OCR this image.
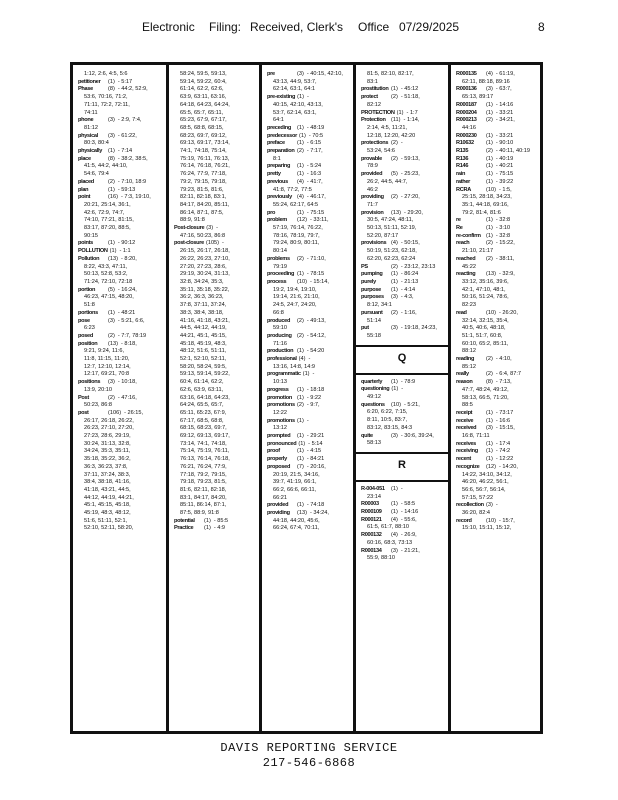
Electronic Filing: Received, Clerk's Office 07/29/2025	8
1:12, 2:6, 4:5, 5:6
petitioner (1) - 5:17
Phase	(8) - 44:2, 52:9,
53:6, 70:16, 71:2,
71:11, 72:2, 72:11,
74:11
phone	(3) - 2:9, 7:4,
81:12
physical (3) - 61:22,
80:3, 80:4
physically (1) - 7:14
place	(8) - 38:2, 38:5,
41:5, 44:2, 44:10,
54:6, 79:4
placed	(2) - 7:10, 18:9
plan	(1) - 59:13
point	(16) - 7:3, 19:10,
20:21, 25:14, 36:1,
42:6, 72:9, 74:7,
74:10, 77:21, 81:15,
83:17, 87:20, 88:5,
90:15
points	(1) - 90:12
POLLUTION (1) - 1:1
Pollution (13) - 8:20,
8:22, 43:3, 47:11,
50:13, 52:8, 53:2,
71:24, 72:10, 72:18
portion (5) - 16:24,
46:23, 47:15, 48:20,
51:8
portions (1) - 48:21
pose	(3) - 5:21, 6:6,
6:23
posed	(2) - 7:7, 78:19
position (13) - 8:18,
9:21, 9:24, 11:6,
11:8, 11:15, 11:20,
12:7, 12:10, 12:14,
12:17, 69:21, 70:8
positions (3) - 10:18,
13:9, 20:10
Post	(2) - 47:16,
50:23, 86:8
post	(106) - 26:15,
26:17, 26:18, 26:22,
26:23, 27:10, 27:20,
27:23, 28:6, 29:19,
30:24, 31:13, 32:8,
34:24, 35:3, 35:11,
35:18, 35:22, 36:2,
36:3, 36:23, 37:8,
37:11, 37:24, 38:3,
38:4, 38:18, 41:16,
41:18, 43:21, 44:5,
44:12, 44:19, 44:21,
45:1, 45:15, 45:18,
45:19, 48:3, 48:12,
51:6, 51:11, 52:1,
52:10, 52:11, 58:20,
58:24, 59:5, 59:13,
59:14, 59:22, 60:4,
61:14, 62:2, 62:6,
63:9, 63:11, 63:16,
64:18, 64:23, 64:24,
65:5, 65:7, 65:11,
65:23, 67:9, 67:17,
68:5, 68:8, 68:15,
68:23, 69:7, 69:12,
69:13, 69:17, 73:14,
74:1, 74:18, 75:14,
75:19, 76:11, 76:13,
76:14, 76:18, 76:21,
76:24, 77:9, 77:18,
79:2, 79:15, 79:18,
79:23, 81:5, 81:6,
82:11, 82:18, 83:1,
84:17, 84:20, 85:11,
86:14, 87:1, 87:5,
88:9, 91:8
Post-closure (3) -
47:16, 50:23, 86:8
post-closure (105) -
26:15, 26:17, 26:18,
26:22, 26:23, 27:10,
27:20, 27:23, 28:6,
29:19, 30:24, 31:13,
32:8, 34:24, 35:3,
35:11, 35:18, 35:22,
36:2, 36:3, 36:23,
37:8, 37:11, 37:24,
38:3, 38:4, 38:18,
41:16, 41:18, 43:21,
44:5, 44:12, 44:19,
44:21, 45:1, 45:15,
45:18, 45:19, 48:3,
48:12, 51:6, 51:11,
52:1, 52:10, 52:11,
58:20, 58:24, 59:5,
59:13, 59:14, 59:22,
60:4, 61:14, 62:2,
62:6, 63:9, 63:11,
63:16, 64:18, 64:23,
64:24, 65:5, 65:7,
65:11, 65:23, 67:9,
67:17, 68:5, 68:8,
68:15, 68:23, 69:7,
69:12, 69:13, 69:17,
73:14, 74:1, 74:18,
75:14, 75:19, 76:11,
76:13, 76:14, 76:18,
76:21, 76:24, 77:9,
77:18, 79:2, 79:15,
79:18, 79:23, 81:5,
81:6, 82:11, 82:18,
83:1, 84:17, 84:20,
85:11, 86:14, 87:1,
87:5, 88:9, 91:8
potential (1) - 85:5
Practice (1) - 4:9
pre	(3) - 40:15, 42:10,
43:13, 44:9, 53:7,
62:14, 63:1, 64:1
pre-existing (1) -
40:15, 42:10, 43:13,
53:7, 62:14, 63:1,
64:1
preceding (1) - 48:19
predecessor (1) - 70:5
preface (1) - 6:15
preparation (2) - 7:17,
8:1
preparing (1) - 5:24
pretty	(1) - 16:3
previous (4) - 41:7,
41:8, 77:2, 77:5
previously (4) - 46:17,
55:24, 62:17, 64:5
pro	(1) - 75:15
problem (12) - 33:11,
57:19, 76:14, 76:22,
78:16, 78:19, 79:7,
79:24, 80:9, 80:11,
80:14
problems (2) - 71:10,
79:19
proceeding (1) - 78:15
process (10) - 15:14,
19:2, 19:4, 19:10,
19:14, 21:6, 21:10,
24:5, 24:7, 24:20,
66:8
produced (2) - 49:13,
59:10
producing (2) - 54:12,
71:16
production (1) - 54:20
professional (4) -
13:16, 14:8, 14:9
programmatic (1) -
10:13
progress (1) - 18:18
promotion (1) - 9:22
promotions (2) - 9:7,
12:22
promotions (1) -
13:12
prompted (1) - 29:21
pronounced (1) - 5:14
proof	(1) - 4:15
properly (1) - 84:21
proposed (7) - 20:16,
20:19, 21:5, 34:16,
39:7, 41:19, 66:1,
66:2, 66:6, 66:11,
66:21
provided (1) - 74:18
providing (13) - 34:24,
44:18, 44:20, 45:6,
66:24, 67:4, 70:11,
81:5, 82:10, 82:17,
83:1
prostitution (1) - 45:12
protect (2) - 51:18,
82:12
PROTECTION (1) - 1:7
Protection (11) - 1:14,
2:14, 4:5, 11:21,
12:18, 12:20, 42:20
protections (2) -
53:24, 54:6
provable (2) - 59:13,
78:9
provided (5) - 25:23,
26:2, 44:5, 44:7,
46:2
providing (2) - 27:20,
71:7
provision (13) - 29:20,
30:5, 47:24, 48:11,
50:13, 51:11, 52:19,
52:20, 87:17
provisions (4) - 50:15,
50:19, 51:23, 62:18,
62:20, 62:23, 62:24
PS	(2) - 23:12, 23:13
pumping (1) - 86:24
purely	(1) - 21:13
purpose (1) - 4:14
purposes (3) - 4:3,
8:12, 34:1
pursuant (2) - 1:16,
51:14
put	(3) - 19:18, 24:23,
55:18
Q
quarterly (1) - 78:9
questioning (1) -
49:12
questions (10) - 5:21,
6:20, 6:22, 7:15,
8:11, 10:5, 83:7,
83:12, 83:15, 84:3
quite	(3) - 30:6, 39:24,
58:13
R
R-004-051 (1) -
23:14
R00003 (1) - 58:5
R000109 (1) - 14:16
R000121 (4) - 55:6,
61:5, 61:7, 88:10
R000132 (4) - 26:9,
60:16, 68:3, 73:13
R000134 (3) - 21:21,
55:9, 88:10
R000135 (4) - 61:19,
62:11, 88:18, 89:16
R000136 (3) - 63:7,
65:13, 89:17
R000187 (1) - 14:16
R000204 (1) - 33:21
R000213 (2) - 34:21,
44:16
R000230 (1) - 33:21
R10632 (1) - 90:10
R135	(2) - 40:11, 40:19
R136	(1) - 40:19
R146	(1) - 40:21
rain	(1) - 75:15
rather	(1) - 39:22
RCRA	(10) - 1:5,
25:15, 28:18, 34:23,
35:1, 44:18, 69:16,
79:2, 81:4, 81:6
re	(1) - 32:8
Re	(1) - 3:10
re-confirm (1) - 32:8
reach	(2) - 15:22,
21:10, 21:17
reached (2) - 38:11,
45:22
reacting (13) - 32:9,
33:12, 35:16, 39:6,
42:1, 47:10, 48:1,
50:16, 51:24, 78:6,
82:23
read	(10) - 26:20,
32:14, 32:15, 35:4,
40:5, 40:6, 48:18,
51:1, 51:7, 60:8,
60:10, 65:2, 85:11,
88:12
reading (2) - 4:10,
85:12
really	(2) - 6:4, 87:7
reason (8) - 7:13,
47:7, 48:24, 49:12,
58:13, 66:5, 71:20,
88:5
receipt (1) - 73:17
receive (1) - 16:6
received (3) - 15:15,
16:8, 71:11
receives (1) - 17:4
receiving (1) - 74:2
recent	(1) - 12:22
recognize (12) - 14:20,
14:22, 34:10, 34:12,
46:20, 46:22, 56:1,
56:6, 56:7, 56:14,
57:15, 57:22
recollection (3) -
36:20, 82:4
record	(10) - 15:7,
15:10, 15:11, 15:12,
DAVIS REPORTING SERVICE
217-546-6868
